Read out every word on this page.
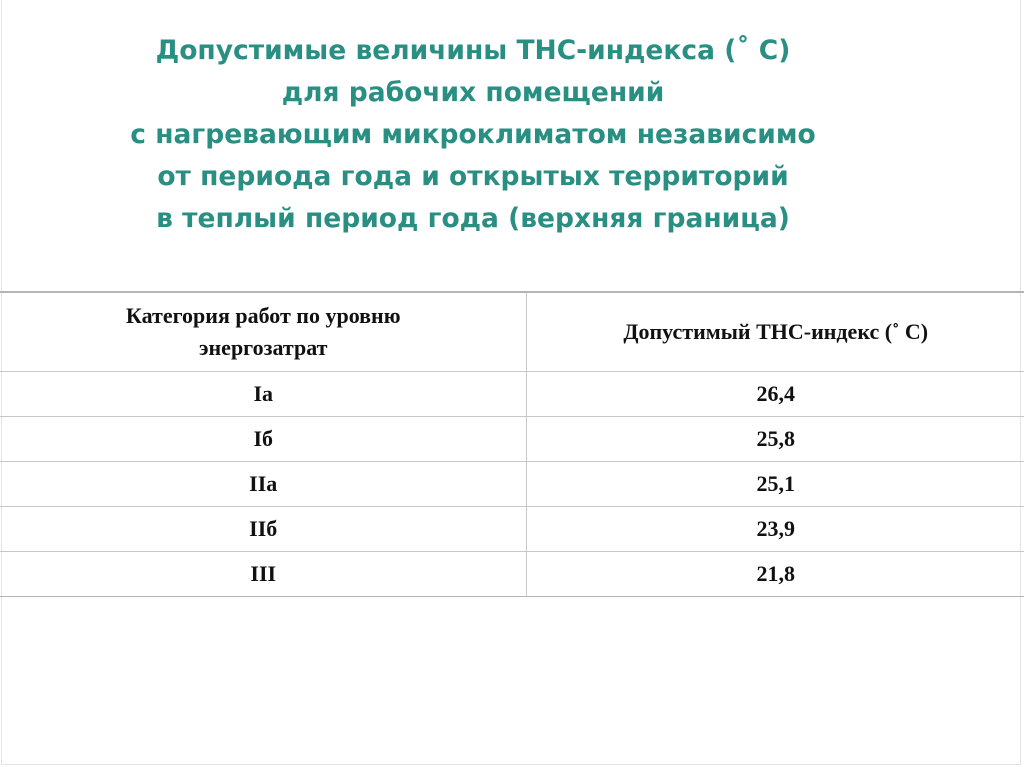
Допустимые величины ТНС-индекса (˚ С)
для рабочих помещений
с нагревающим микроклиматом независимо
от периода года и открытых территорий
в теплый период года (верхняя граница)
Категория работ по уровню
энергозатрат	Допустимый ТНС-индекс (˚ С)

Iа	26,4
Iб	25,8
IIа	25,1
IIб	23,9
III	21,8
